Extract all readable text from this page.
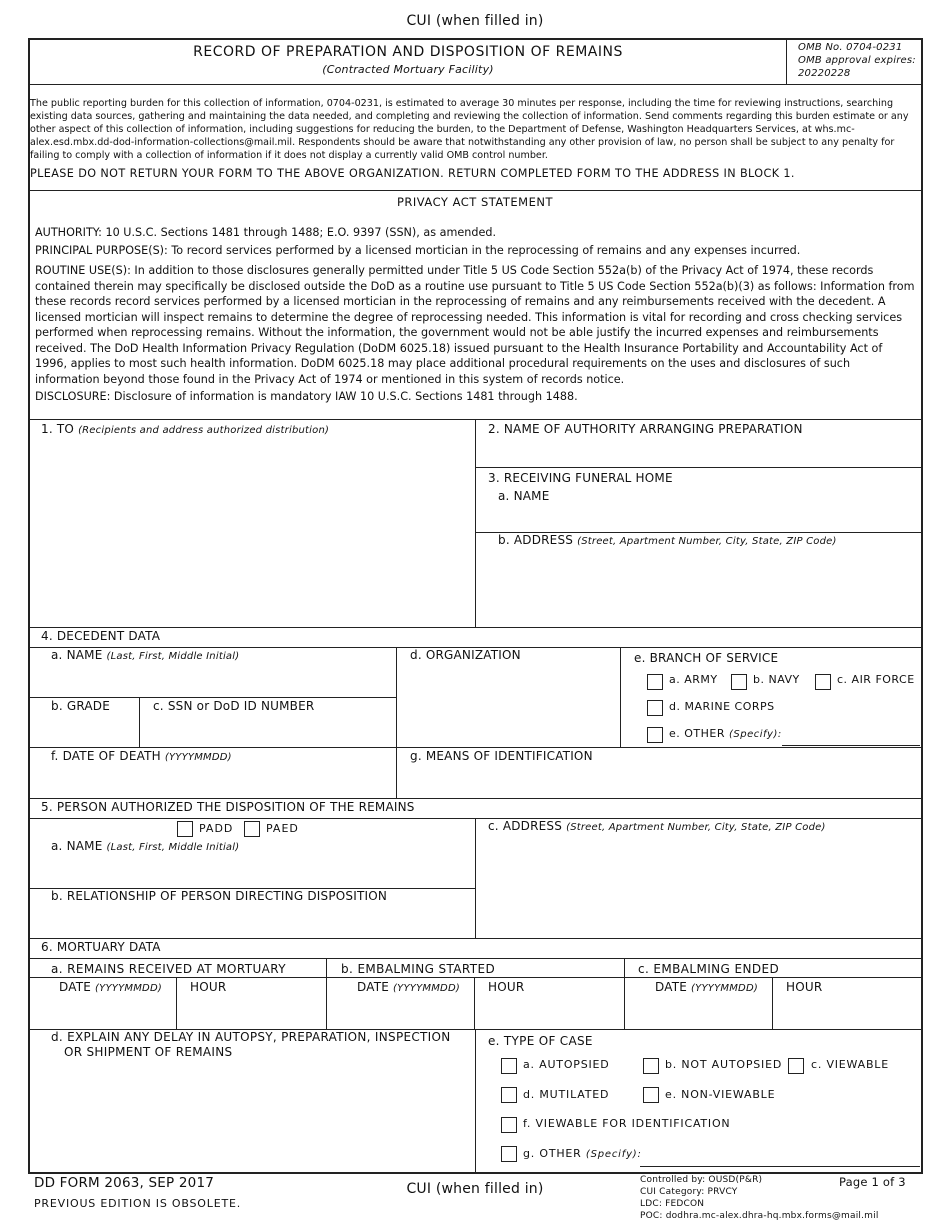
CUI (when filled in)
RECORD OF PREPARATION AND DISPOSITION OF REMAINS
(Contracted Mortuary Facility)
OMB No. 0704-0231
OMB approval expires:
20220228
The public reporting burden for this collection of information, 0704-0231, is estimated to average 30 minutes per response, including the time for reviewing instructions, searching existing data sources, gathering and maintaining the data needed, and completing and reviewing the collection of information. Send comments regarding this burden estimate or any other aspect of this collection of information, including suggestions for reducing the burden, to the Department of Defense, Washington Headquarters Services, at whs.mc-alex.esd.mbx.dd-dod-information-collections@mail.mil. Respondents should be aware that notwithstanding any other provision of law, no person shall be subject to any penalty for failing to comply with a collection of information if it does not display a currently valid OMB control number.
PLEASE DO NOT RETURN YOUR FORM TO THE ABOVE ORGANIZATION. RETURN COMPLETED FORM TO THE ADDRESS IN BLOCK 1.
PRIVACY ACT STATEMENT
AUTHORITY: 10 U.S.C. Sections 1481 through 1488; E.O. 9397 (SSN), as amended.
PRINCIPAL PURPOSE(S): To record services performed by a licensed mortician in the reprocessing of remains and any expenses incurred.
ROUTINE USE(S): In addition to those disclosures generally permitted under Title 5 US Code Section 552a(b) of the Privacy Act of 1974, these records contained therein may specifically be disclosed outside the DoD as a routine use pursuant to Title 5 US Code Section 552a(b)(3) as follows: Information from these records record services performed by a licensed mortician in the reprocessing of remains and any reimbursements received with the decedent. A licensed mortician will inspect remains to determine the degree of reprocessing needed. This information is vital for recording and cross checking services performed when reprocessing remains. Without the information, the government would not be able justify the incurred expenses and reimbursements received. The DoD Health Information Privacy Regulation (DoDM 6025.18) issued pursuant to the Health Insurance Portability and Accountability Act of 1996, applies to most such health information. DoDM 6025.18 may place additional procedural requirements on the uses and disclosures of such information beyond those found in the Privacy Act of 1974 or mentioned in this system of records notice.
DISCLOSURE: Disclosure of information is mandatory IAW 10 U.S.C. Sections 1481 through 1488.
1. TO (Recipients and address authorized distribution)	2. NAME OF AUTHORITY ARRANGING PREPARATION
3. RECEIVING FUNERAL HOME
a. NAME
b. ADDRESS (Street, Apartment Number, City, State, ZIP Code)
4. DECEDENT DATA
a. NAME (Last, First, Middle Initial)
b. GRADE	c. SSN or DoD ID NUMBER
d. ORGANIZATION	e. BRANCH OF SERVICE
a. ARMY	b. NAVY	c. AIR FORCE
d. MARINE CORPS
e. OTHER (Specify):
f. DATE OF DEATH (YYYYMMDD)	g. MEANS OF IDENTIFICATION
5. PERSON AUTHORIZED THE DISPOSITION OF THE REMAINS
PADD	PAED
a. NAME (Last, First, Middle Initial)
b. RELATIONSHIP OF PERSON DIRECTING DISPOSITION
c. ADDRESS (Street, Apartment Number, City, State, ZIP Code)
6. MORTUARY DATA
a. REMAINS RECEIVED AT MORTUARY	b. EMBALMING STARTED	c. EMBALMING ENDED
DATE (YYYYMMDD) HOUR	DATE (YYYYMMDD) HOUR	DATE (YYYYMMDD) HOUR
d. EXPLAIN ANY DELAY IN AUTOPSY, PREPARATION, INSPECTION
OR SHIPMENT OF REMAINS
e. TYPE OF CASE
a. AUTOPSIED	b. NOT AUTOPSIED	c. VIEWABLE
d. MUTILATED	e. NON-VIEWABLE
f. VIEWABLE FOR IDENTIFICATION
g. OTHER (Specify):
DD FORM 2063, SEP 2017
PREVIOUS EDITION IS OBSOLETE.
CUI (when filled in)
Controlled by: OUSD(P&R)
CUI Category: PRVCY
LDC: FEDCON
POC: dodhra.mc-alex.dhra-hq.mbx.forms@mail.mil
Page 1 of 3
